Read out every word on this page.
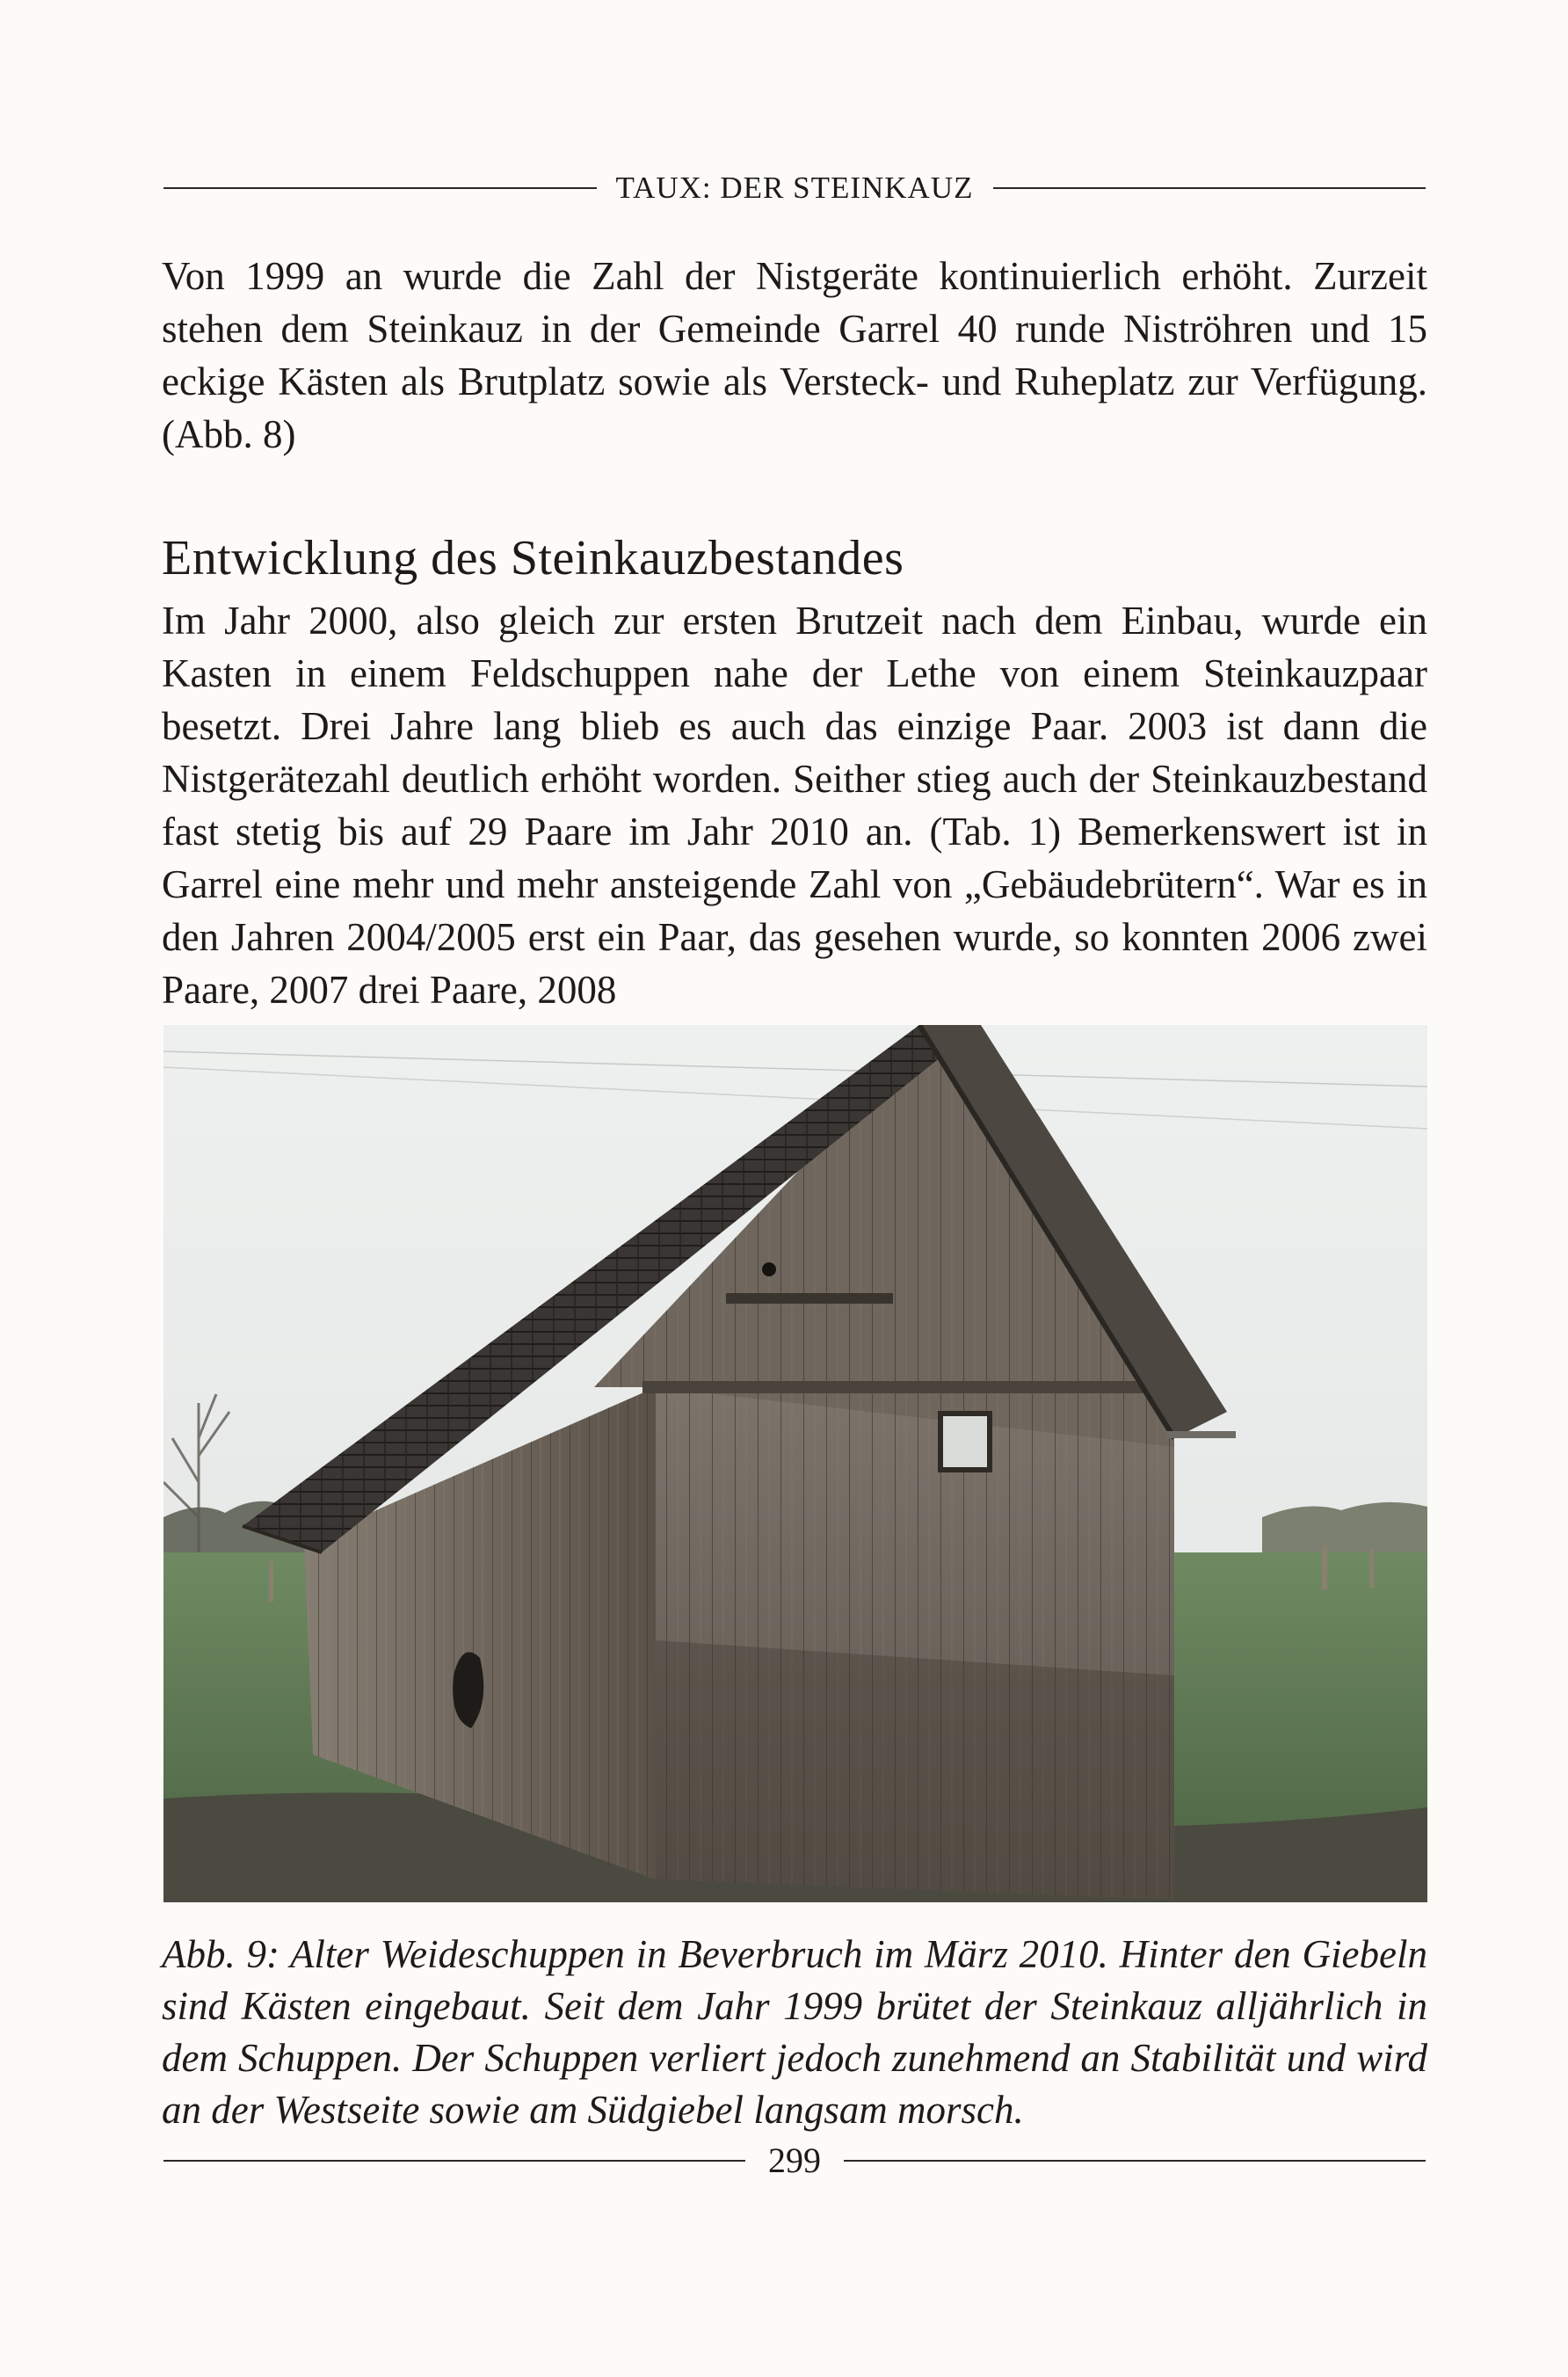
TAUX: DER STEINKAUZ

Von 1999 an wurde die Zahl der Nistgeräte kontinuierlich erhöht. Zurzeit stehen dem Steinkauz in der Gemeinde Garrel 40 runde Niströhren und 15 eckige Kästen als Brutplatz sowie als Versteck- und Ruheplatz zur Verfügung. (Abb. 8)

Entwicklung des Steinkauzbestandes

Im Jahr 2000, also gleich zur ersten Brutzeit nach dem Einbau, wurde ein Kasten in einem Feldschuppen nahe der Lethe von einem Steinkauzpaar besetzt. Drei Jahre lang blieb es auch das einzige Paar. 2003 ist dann die Nistgerätezahl deutlich erhöht worden. Seither stieg auch der Steinkauzbestand fast stetig bis auf 29 Paare im Jahr 2010 an. (Tab. 1) Bemerkenswert ist in Garrel eine mehr und mehr ansteigende Zahl von „Gebäudebrütern“. War es in den Jahren 2004/2005 erst ein Paar, das gesehen wurde, so konnten 2006 zwei Paare, 2007 drei Paare, 2008

Abb. 9: Alter Weideschuppen in Beverbruch im März 2010. Hinter den Giebeln sind Kästen eingebaut. Seit dem Jahr 1999 brütet der Steinkauz alljährlich in dem Schuppen. Der Schuppen verliert jedoch zunehmend an Stabilität und wird an der Westseite sowie am Südgiebel langsam morsch.

299
